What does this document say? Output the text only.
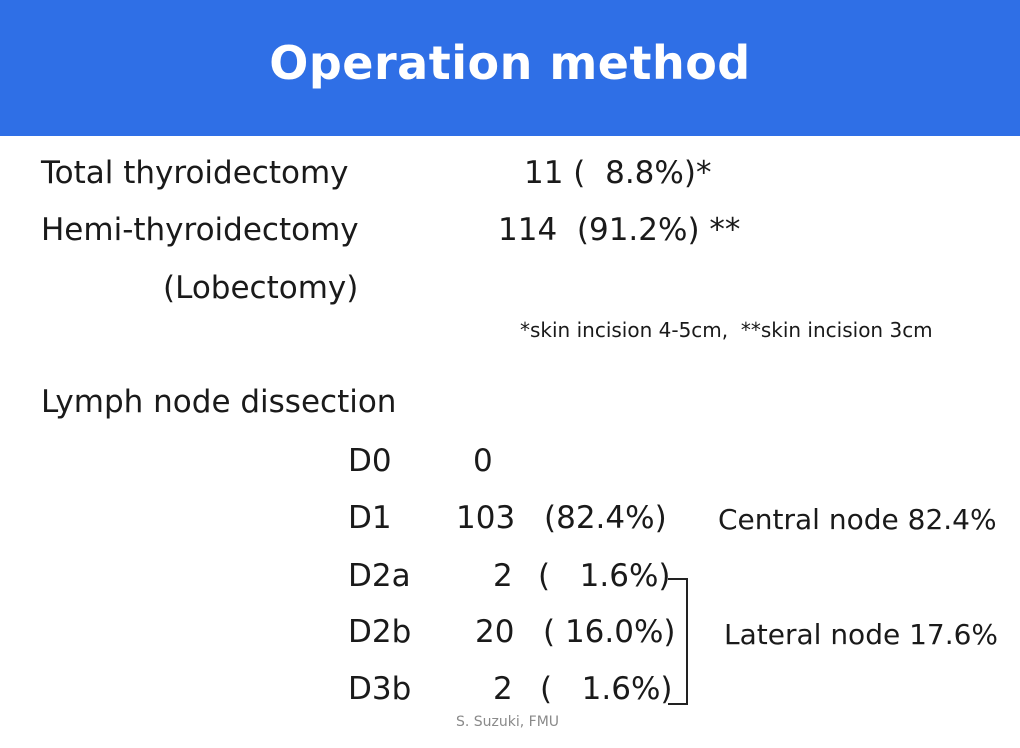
Operation method
Total thyroidectomy	11 (  8.8%)*
Hemi-thyroidectomy	114  (91.2%) **
(Lobectomy)
*skin incision 4-5cm,  **skin incision 3cm
Lymph node dissection
D0	0
D1 103 (82.4%)
D2a	2 (   1.6%)
D2b 20 ( 16.0%)
D3b	2 (   1.6%)
Central node 82.4%
Lateral node 17.6%
S. Suzuki, FMU
